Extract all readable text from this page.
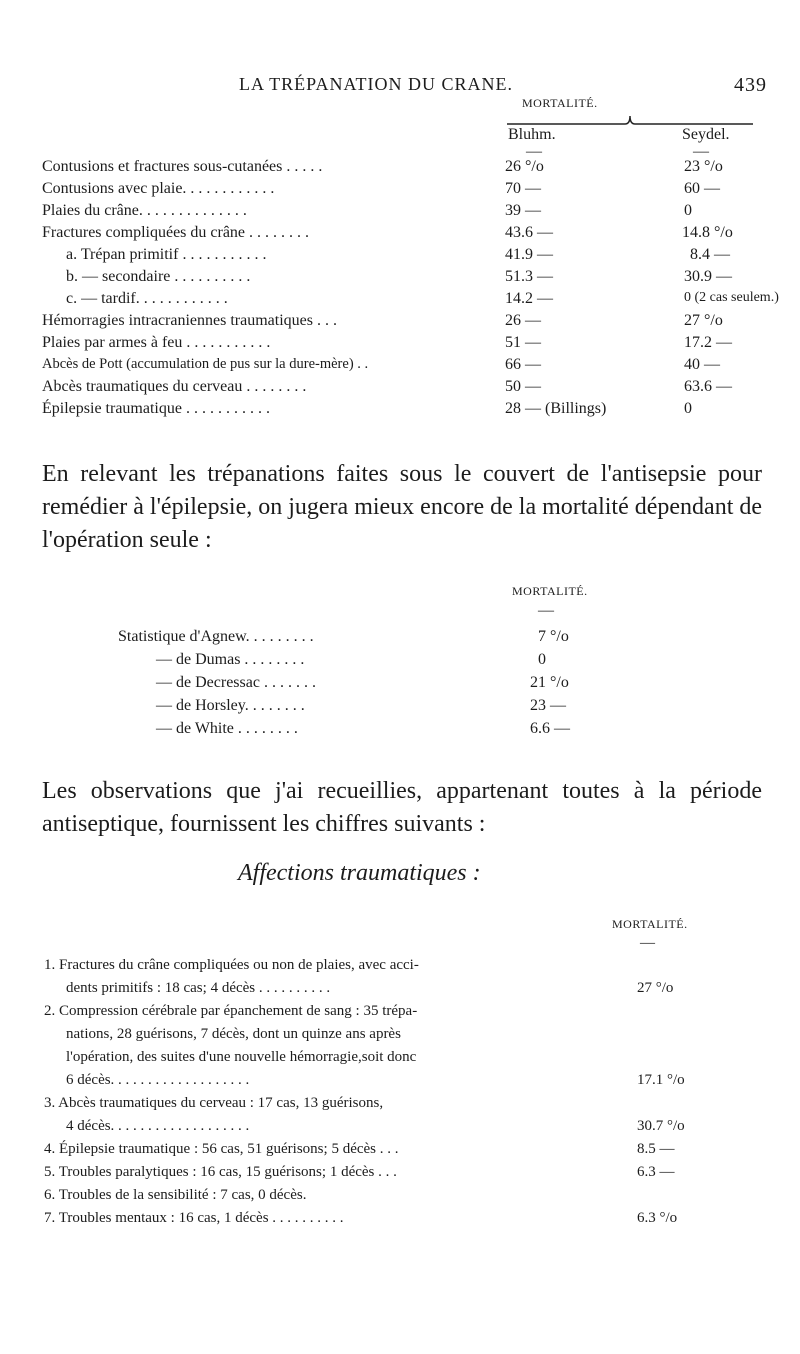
LA TRÉPANATION DU CRANE.	439
MORTALITÉ.
Bluhm.	Seydel.
—	—
Contusions et fractures sous-cutanées . . . . .	26 °/o	23 °/o
Contusions avec plaie. . . . . . . . . . . .	70 —	60 —
Plaies du crâne. . . . . . . . . . . . . .	39 —	0
Fractures compliquées du crâne . . . . . . . .	43.6 —	14.8 °/o
a. Trépan primitif . . . . . . . . . . .	41.9 —	8.4 —
b. — secondaire . . . . . . . . . .	51.3 —	30.9 —
c. — tardif. . . . . . . . . . . .	14.2 —	0 (2 cas seulem.)
Hémorragies intracraniennes traumatiques . . .	26 —	27 °/o
Plaies par armes à feu . . . . . . . . . . .	51 —	17.2 —
Abcès de Pott (accumulation de pus sur la dure-mère) . .	66 —	40 —
Abcès traumatiques du cerveau . . . . . . . .	50 —	63.6 —
Épilepsie traumatique . . . . . . . . . . .	28 — (Billings)	0
En relevant les trépanations faites sous le couvert de l'antisepsie pour remédier à l'épilepsie, on jugera mieux encore de la mortalité dépendant de l'opération seule :
MORTALITÉ.
—
Statistique d'Agnew. . . . . . . . .	7 °/o
— de Dumas . . . . . . . .	0
— de Decressac . . . . . . .	21 °/o
— de Horsley. . . . . . . .	23 —
— de White . . . . . . . .	6.6 —
Les observations que j'ai recueillies, appartenant toutes à la période antiseptique, fournissent les chiffres suivants :
Affections traumatiques :
MORTALITÉ.
—
1. Fractures du crâne compliquées ou non de plaies, avec acci-
dents primitifs : 18 cas; 4 décès . . . . . . . . . .	27 °/o
2. Compression cérébrale par épanchement de sang : 35 trépa-
nations, 28 guérisons, 7 décès, dont un quinze ans après
l'opération, des suites d'une nouvelle hémorragie,soit donc
6 décès. . . . . . . . . . . . . . . . . . .	17.1 °/o
3. Abcès traumatiques du cerveau : 17 cas, 13 guérisons,
4 décès. . . . . . . . . . . . . . . . . . .	30.7 °/o
4. Épilepsie traumatique : 56 cas, 51 guérisons; 5 décès . . .	8.5 —
5. Troubles paralytiques : 16 cas, 15 guérisons; 1 décès . . .	6.3 —
6. Troubles de la sensibilité : 7 cas, 0 décès.
7. Troubles mentaux : 16 cas, 1 décès . . . . . . . . . .	6.3 °/o
